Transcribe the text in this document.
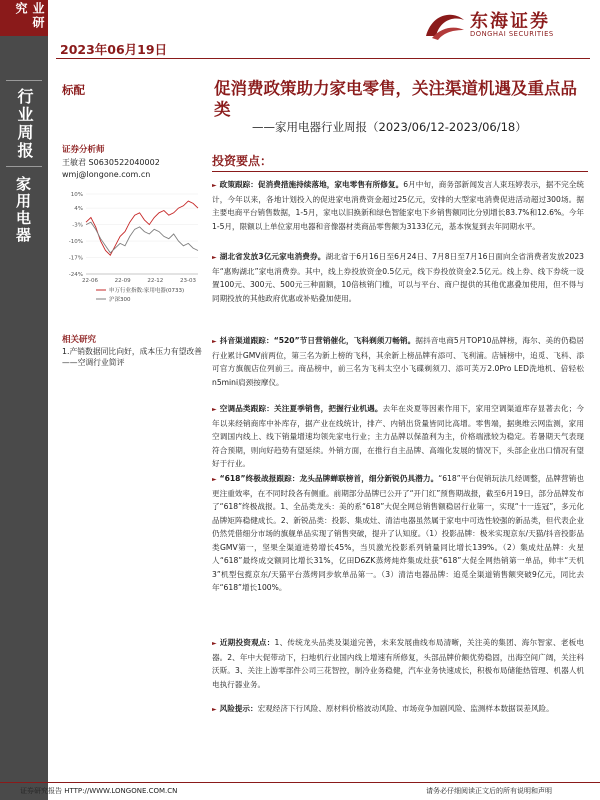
业研究
行业周报
家用电器
2023年06月19日
东海证券
DONGHAI SECURITIES
标配	促消费政策助力家电零售，关注渠道机遇及重点品类
——家用电器行业周报（2023/06/12-2023/06/18）
证券分析师
王敏君 S0630522040002
wmj@longone.com.cn
10%
4%
-3%
-10%
-17%
-24%
22-06	22-09	22-12	23-03
申万行业指数:家用电器(0733)
沪深300
相关研究
1.产销数据同比向好，成本压力有望改善——空调行业简评
投资要点：
► 政策跟踪：促消费措施持续落地，家电零售有所修复。6月中旬，商务部新闻发言人束珏婷表示，据不完全统计，今年以来，各地计划投入的促进家电消费资金超过25亿元，安排的大型家电消费促进活动超过300场。据主要电商平台销售数据，1-5月，家电以旧换新和绿色智能家电下乡销售额同比分别增长83.7%和12.6%。今年1-5月，限额以上单位家用电器和音像器材类商品零售额为3133亿元，基本恢复到去年同期水平。
► 湖北省发放3亿元家电消费券。湖北省于6月16日至6月24日、7月8日至7月16日面向全省消费者发放2023年“惠购湖北”家电消费券。其中，线上券投放资金0.5亿元，线下券投放资金2.5亿元。线上券、线下券统一设置100元、300元、500元三种面额，10倍核销门槛，可以与平台、商户提供的其他优惠叠加使用，但不得与同期投放的其他政府优惠或补贴叠加使用。
► 抖音渠道跟踪：“520”节日营销催化，飞科剃须刀畅销。据抖音电商5月TOP10品牌榜，海尔、美的仍稳居行业累计GMV前两位，第三名为新上榜的飞科，其余新上榜品牌有添可、飞利浦。店铺榜中，追觅、飞科、添可官方旗舰店位列前三。商品榜中，前三名为飞科太空小飞碟剃须刀、添可芙万2.0Pro LED洗地机、倍轻松n5mini肩颈按摩仪。
► 空调品类跟踪：关注夏季销售，把握行业机遇。去年在炎夏等因素作用下，家用空调渠道库存显著去化；今年以来经销商库中补库存，据产业在线统计，排产、内销出货量皆同比高增。零售端，据奥维云网监测，家用空调国内线上、线下销量增速均领先家电行业；主力品牌以保盈利为主，价格端涨较为稳定。若暑期天气表现符合预期，则向好趋势有望延续。外销方面，在推行自主品牌、高端化发展的情况下，头部企业出口情况有望好于行业。
► “618”终极战报跟踪：龙头品牌蝉联榜首，细分新锐仍具潜力。“618”平台促销玩法几经调整，品牌营销也更注重效率，在不同时段各有侧重。前期部分品牌已公开了“开门红”预售期战报，截至6月19日，部分品牌发布了“618”终极战报。1、全品类龙头：美的系“618”大促全网总销售额稳居行业第一，实现“十一连冠”，多元化品牌矩阵稳健成长。2、新锐品类：投影、集成灶、清洁电器虽然属于家电中可选性较强的新品类，但代表企业仍然凭借细分市场的旗舰单品实现了销售突破，提升了认知度。（1）投影品牌：极米实现京东/天猫/抖音投影品类GMV第一，坚果全渠道进势增长45%，当贝激光投影系列销量同比增长139%。（2）集成灶品牌：火星人“618”最终成交额同比增长31%，亿田D6ZK蒸烤炖炸集成灶获“618”大促全网热销第一单品，帅丰“天机3”机型包揽京东/天猫平台蒸烤同步软单品第一。（3）清洁电器品牌：追觅全渠道销售额突破9亿元，同比去年“618”增长100%。
► 近期投资观点：1、传统龙头品类及渠道完善，未来发展曲线布局清晰，关注美的集团、海尔智家、老板电器。2、年中大促带动下，扫地机行业国内线上增速有所修复，头部品牌价额优势稳固，出海空间广阔，关注科沃斯。3、关注上游零部件公司三花智控，制冷业务稳健，汽车业务快速成长，积极布局储能热管理、机器人机电执行器业务。
► 风险提示：宏观经济下行风险、原材料价格波动风险、市场竞争加剧风险、监测样本数据误差风险。
证券研究报告 HTTP://WWW.LONGONE.COM.CN	请务必仔细阅读正文后的所有说明和声明
